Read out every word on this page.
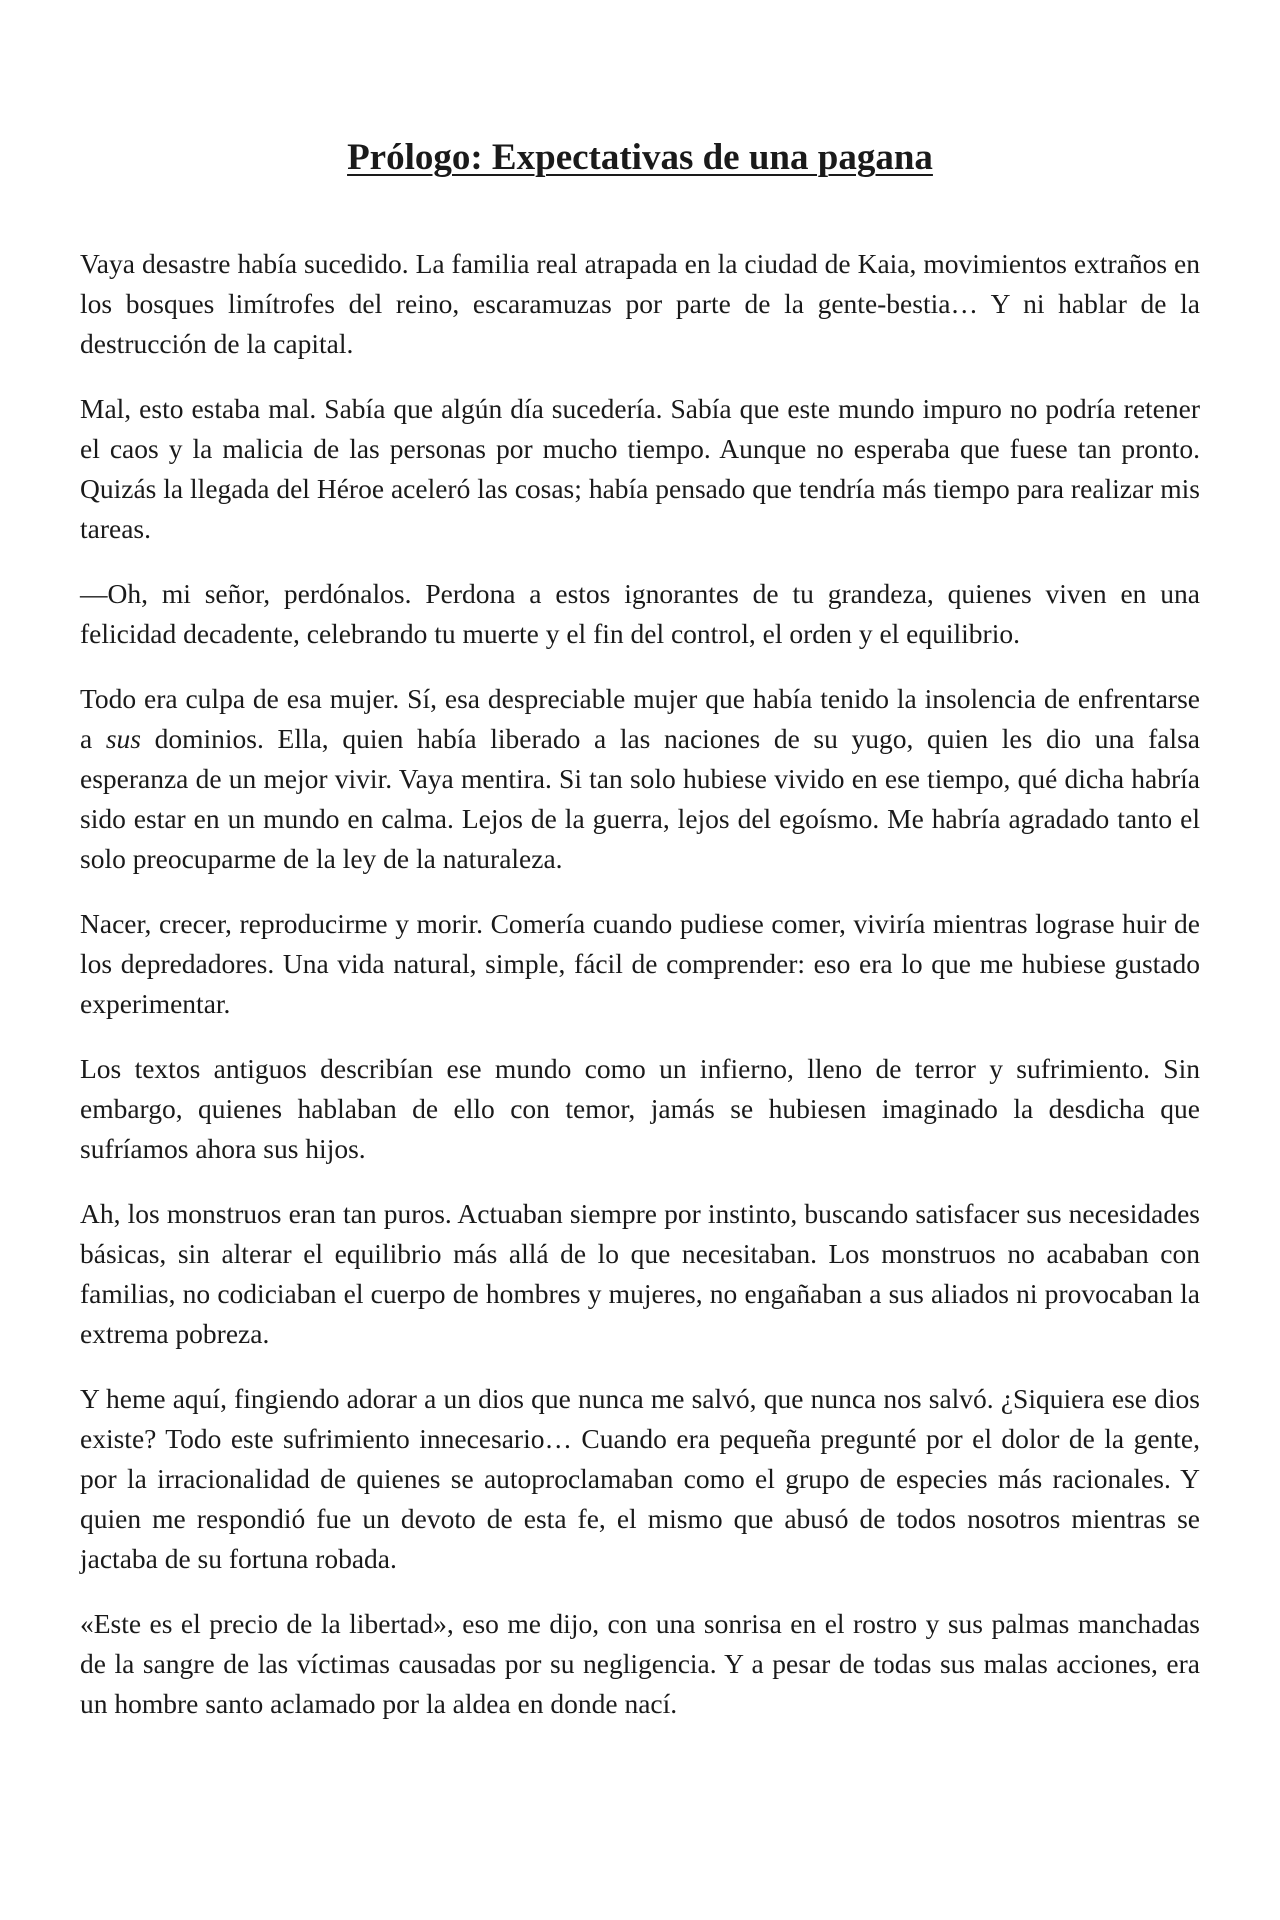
Prólogo: Expectativas de una pagana

Vaya desastre había sucedido. La familia real atrapada en la ciudad de Kaia, movimientos extraños en los bosques limítrofes del reino, escaramuzas por parte de la gente-bestia… Y ni hablar de la destrucción de la capital.

Mal, esto estaba mal. Sabía que algún día sucedería. Sabía que este mundo impuro no podría retener el caos y la malicia de las personas por mucho tiempo. Aunque no esperaba que fuese tan pronto. Quizás la llegada del Héroe aceleró las cosas; había pensado que tendría más tiempo para realizar mis tareas.

—Oh, mi señor, perdónalos. Perdona a estos ignorantes de tu grandeza, quienes viven en una felicidad decadente, celebrando tu muerte y el fin del control, el orden y el equilibrio.

Todo era culpa de esa mujer. Sí, esa despreciable mujer que había tenido la insolencia de enfrentarse a sus dominios. Ella, quien había liberado a las naciones de su yugo, quien les dio una falsa esperanza de un mejor vivir. Vaya mentira. Si tan solo hubiese vivido en ese tiempo, qué dicha habría sido estar en un mundo en calma. Lejos de la guerra, lejos del egoísmo. Me habría agradado tanto el solo preocuparme de la ley de la naturaleza.

Nacer, crecer, reproducirme y morir. Comería cuando pudiese comer, viviría mientras lograse huir de los depredadores. Una vida natural, simple, fácil de comprender: eso era lo que me hubiese gustado experimentar.

Los textos antiguos describían ese mundo como un infierno, lleno de terror y sufrimiento. Sin embargo, quienes hablaban de ello con temor, jamás se hubiesen imaginado la desdicha que sufríamos ahora sus hijos.

Ah, los monstruos eran tan puros. Actuaban siempre por instinto, buscando satisfacer sus necesidades básicas, sin alterar el equilibrio más allá de lo que necesitaban. Los monstruos no acababan con familias, no codiciaban el cuerpo de hombres y mujeres, no engañaban a sus aliados ni provocaban la extrema pobreza.

Y heme aquí, fingiendo adorar a un dios que nunca me salvó, que nunca nos salvó. ¿Siquiera ese dios existe? Todo este sufrimiento innecesario… Cuando era pequeña pregunté por el dolor de la gente, por la irracionalidad de quienes se autoproclamaban como el grupo de especies más racionales. Y quien me respondió fue un devoto de esta fe, el mismo que abusó de todos nosotros mientras se jactaba de su fortuna robada.

«Este es el precio de la libertad», eso me dijo, con una sonrisa en el rostro y sus palmas manchadas de la sangre de las víctimas causadas por su negligencia. Y a pesar de todas sus malas acciones, era un hombre santo aclamado por la aldea en donde nací.
